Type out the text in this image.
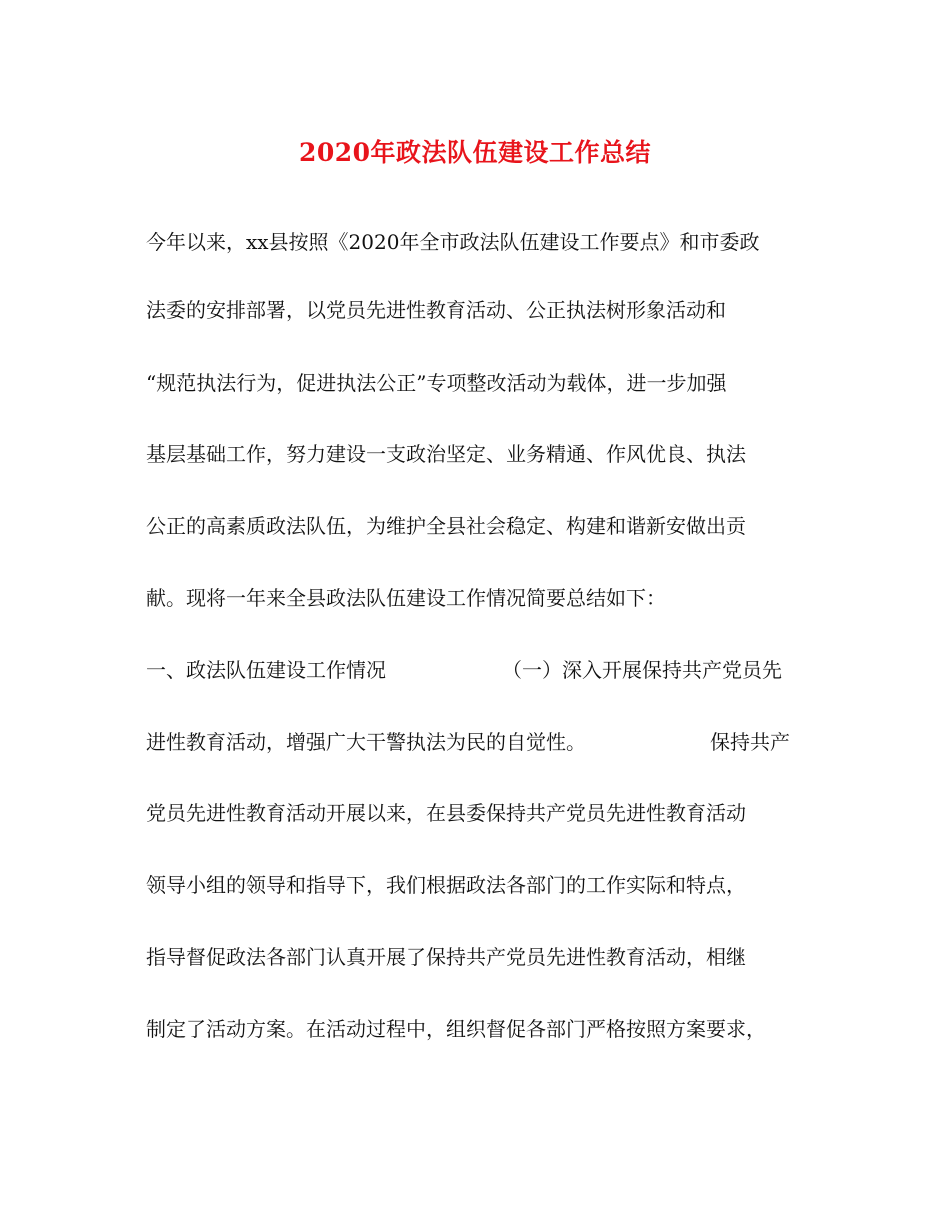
2020年政法队伍建设工作总结
今年以来，xx县按照《2020年全市政法队伍建设工作要点》和市委政
法委的安排部署，以党员先进性教育活动、公正执法树形象活动和
“规范执法行为，促进执法公正”专项整改活动为载体，进一步加强
基层基础工作，努力建设一支政治坚定、业务精通、作风优良、执法
公正的高素质政法队伍，为维护全县社会稳定、构建和谐新安做出贡
献。现将一年来全县政法队伍建设工作情况简要总结如下：
一、政法队伍建设工作情况	（一）深入开展保持共产党员先
进性教育活动，增强广大干警执法为民的自觉性。	保持共产
党员先进性教育活动开展以来，在县委保持共产党员先进性教育活动
领导小组的领导和指导下，我们根据政法各部门的工作实际和特点，
指导督促政法各部门认真开展了保持共产党员先进性教育活动，相继
制定了活动方案。在活动过程中，组织督促各部门严格按照方案要求，
